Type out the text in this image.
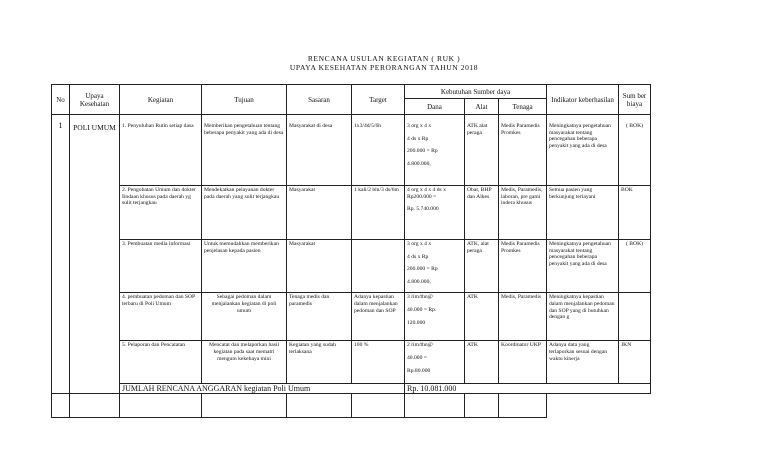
RENCANA USULAN KEGIATAN ( RUK )
UPAYA KESEHATAN PERORANGAN TAHUN 2018
No	Upaya Kesehatan	Kegiatan	Tujuan	Sasaran	Target	Kebutuhan Sumber daya			Indikator keberhasilan	Sum ber biaya
						Dana	Alat	Tenaga		
1	POLI UMUM	1. Penyuluhan Rutin setiap dasa	Memberikan pengetahuan tentang beberapa penyakit yang ada di desa	Masyarakat di desa	1x3/4d/5/6h	3 org x 4 x
4 ds x Rp
200.000 = Rp
4.800.000,	ATK alat peraga	Medis Paramedis Promkes	Meningkatnya pengetahuan masyarakat tentang pencegahan beberapa penyakit yang ada di desa	( BOK)
		2. Pengobatan Umum dan dokter Iindaan khusus pada daerah yg sulit terjangkau	Mendekatkan pelayanan dokter pada daerah yang sulit terjangkau	Masyarakat	1 kali/2 bln/3 ds/6m	4 org x 4 x 4 ds x Rp200.000 =
Rp. 5.740.000	Obat, BHP dan Alkes	Medis, Paramedis, laboran, pre gami indera khusus	Semua pasien yang berkunjung terlayani	BOK
		3. Pembuatan media informasi	Untuk memudahkan memberikan penjelasan kepada pasien	Masyarakat		3 org x 4 x
4 ds x Rp
200.000 = Rp
4.800.000,	ATK, alat peraga	Medis Paramedis Promkes	Meningkatnya pengetahuan masyarakat tentang pencegahan beberapa penyakit yang ada di desa	( BOK)
		4. pembuatan pedoman dan SOP terbaru di Poli Umum	Sebagai pedoman dalam menjalankan kegiatan di poli umum	Tenaga medis dan paramedis	Adanya kepastian dalam menjalankan pedoman dan SOP	3 rim/thn@
40.000 = Rp.
120.000	ATK	Medis, Paramedis	Meningkatnya kepastian dalam menjalankan pedoman dan SOP yang di butuhkan dengan g	
		5. Pelaporan dan Pencatatan	Mencatat dan melaporkan hasil kegiatan pada saat mematri mengum kekebaya mini	Kegiatan yang sudah terlaksana	100 %	2 rim/thn@
40.000 =
Rp.80.000	ATK	Koordinator UKP	Adanya data yang terlaporkan sesuai dengan waktu kinerja	JKN
		JUMLAH RENCANA ANGGARAN kegiatan Poli Umum				Rp. 10.081.000				
